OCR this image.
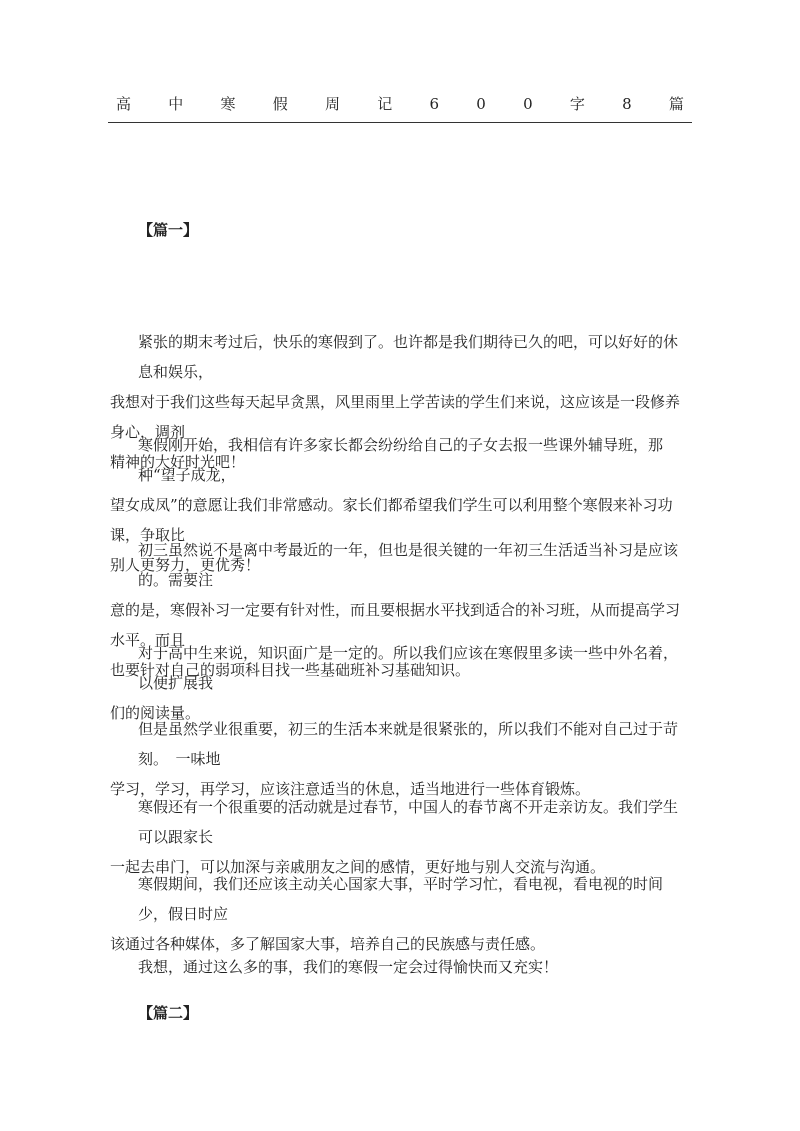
高 中 寒 假 周 记 6 0 0 字 8 篇
【篇一】
紧张的期末考过后，快乐的寒假到了。也许都是我们期待已久的吧，可以好好的休息和娱乐，
我想对于我们这些每天起早贪黑，风里雨里上学苦读的学生们来说，这应该是一段修养身心，调剂
精神的大好时光吧！
寒假刚开始，我相信有许多家长都会纷纷给自己的子女去报一些课外辅导班，那种“望子成龙，
望女成凤”的意愿让我们非常感动。家长们都希望我们学生可以利用整个寒假来补习功课，争取比
别人更努力，更优秀！
初三虽然说不是离中考最近的一年，但也是很关键的一年初三生活适当补习是应该的。需要注
意的是，寒假补习一定要有针对性，而且要根据水平找到适合的补习班，从而提高学习水平。而且
也要针对自己的弱项科目找一些基础班补习基础知识。
对于高中生来说，知识面广是一定的。所以我们应该在寒假里多读一些中外名着，以便扩展我
们的阅读量。
但是虽然学业很重要，初三的生活本来就是很紧张的，所以我们不能对自己过于苛刻。　一味地
学习，学习，再学习，应该注意适当的休息，适当地进行一些体育锻炼。
寒假还有一个很重要的活动就是过春节，中国人的春节离不开走亲访友。我们学生可以跟家长
一起去串门，可以加深与亲戚朋友之间的感情，更好地与别人交流与沟通。
寒假期间，我们还应该主动关心国家大事，平时学习忙，看电视，看电视的时间少，假日时应
该通过各种媒体，多了解国家大事，培养自己的民族感与责任感。
我想，通过这么多的事，我们的寒假一定会过得愉快而又充实！
【篇二】
